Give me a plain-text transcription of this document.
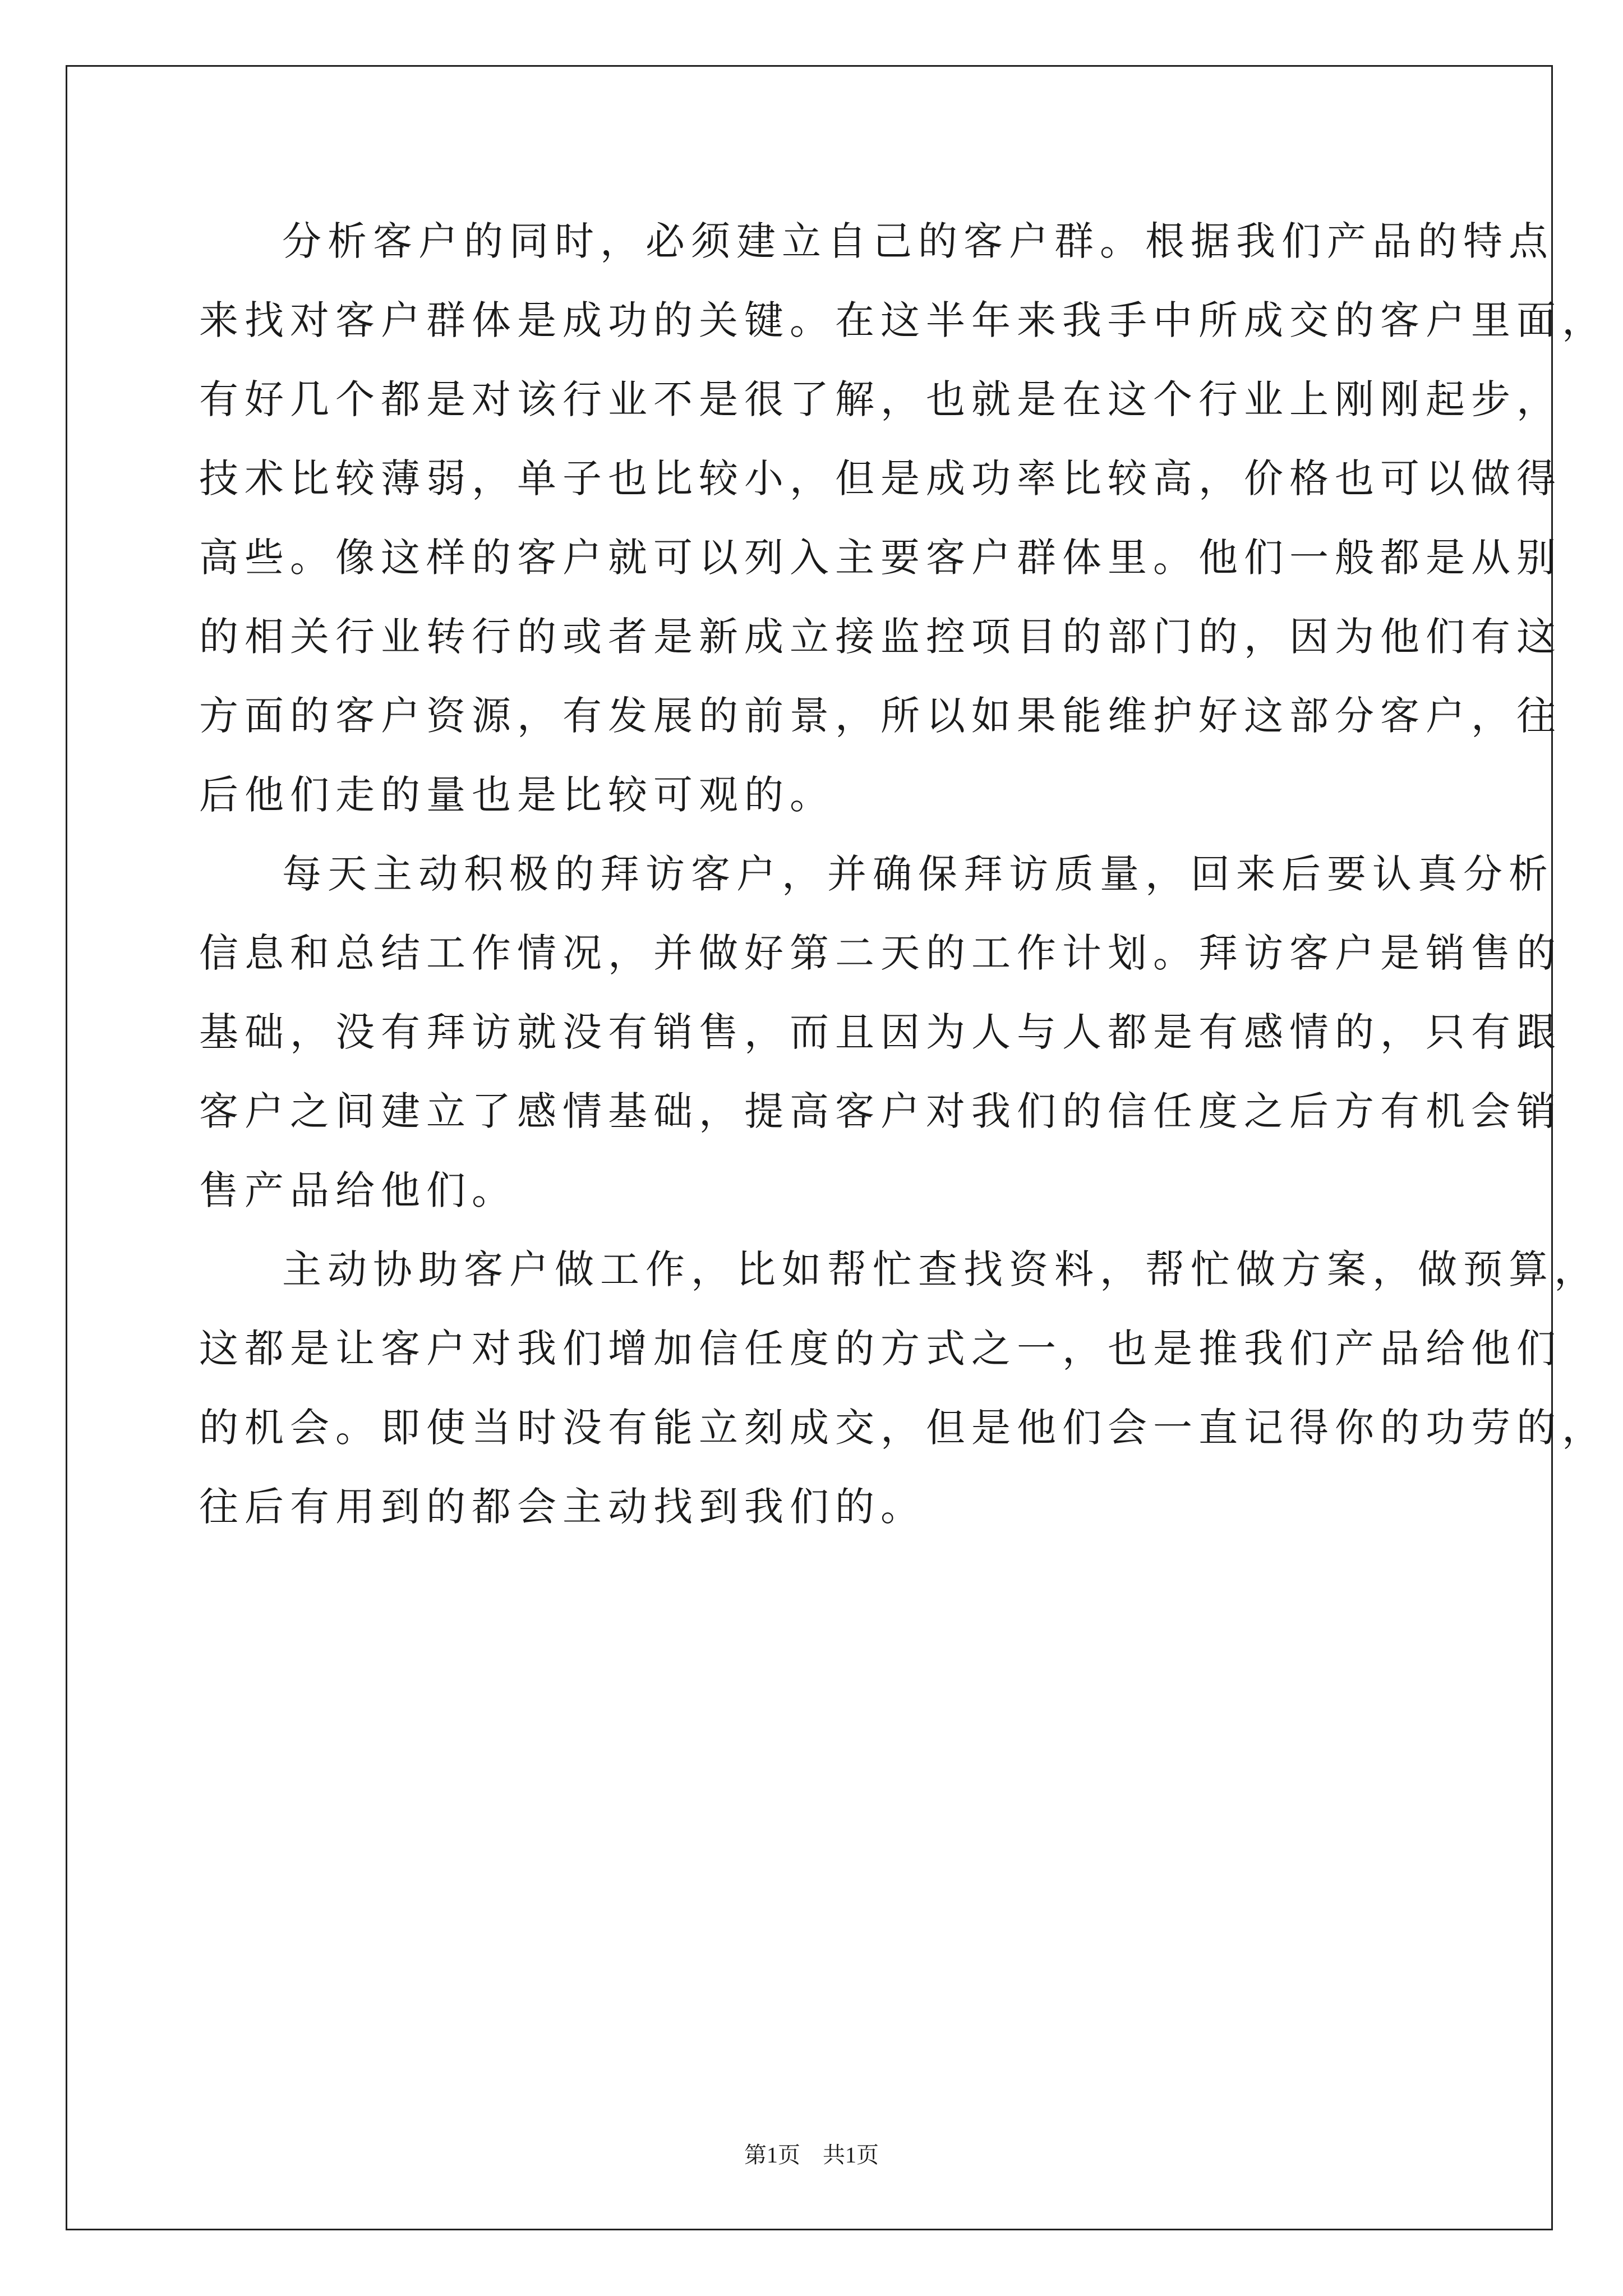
分析客户的同时，必须建立自己的客户群。根据我们产品的特点
来找对客户群体是成功的关键。在这半年来我手中所成交的客户里面，
有好几个都是对该行业不是很了解，也就是在这个行业上刚刚起步，
技术比较薄弱，单子也比较小，但是成功率比较高，价格也可以做得
高些。像这样的客户就可以列入主要客户群体里。他们一般都是从别
的相关行业转行的或者是新成立接监控项目的部门的，因为他们有这
方面的客户资源，有发展的前景，所以如果能维护好这部分客户，往
后他们走的量也是比较可观的。
每天主动积极的拜访客户，并确保拜访质量，回来后要认真分析
信息和总结工作情况，并做好第二天的工作计划。拜访客户是销售的
基础，没有拜访就没有销售，而且因为人与人都是有感情的，只有跟
客户之间建立了感情基础，提高客户对我们的信任度之后方有机会销
售产品给他们。
主动协助客户做工作，比如帮忙查找资料，帮忙做方案，做预算，
这都是让客户对我们增加信任度的方式之一，也是推我们产品给他们
的机会。即使当时没有能立刻成交，但是他们会一直记得你的功劳的，
往后有用到的都会主动找到我们的。
第1页　共1页
